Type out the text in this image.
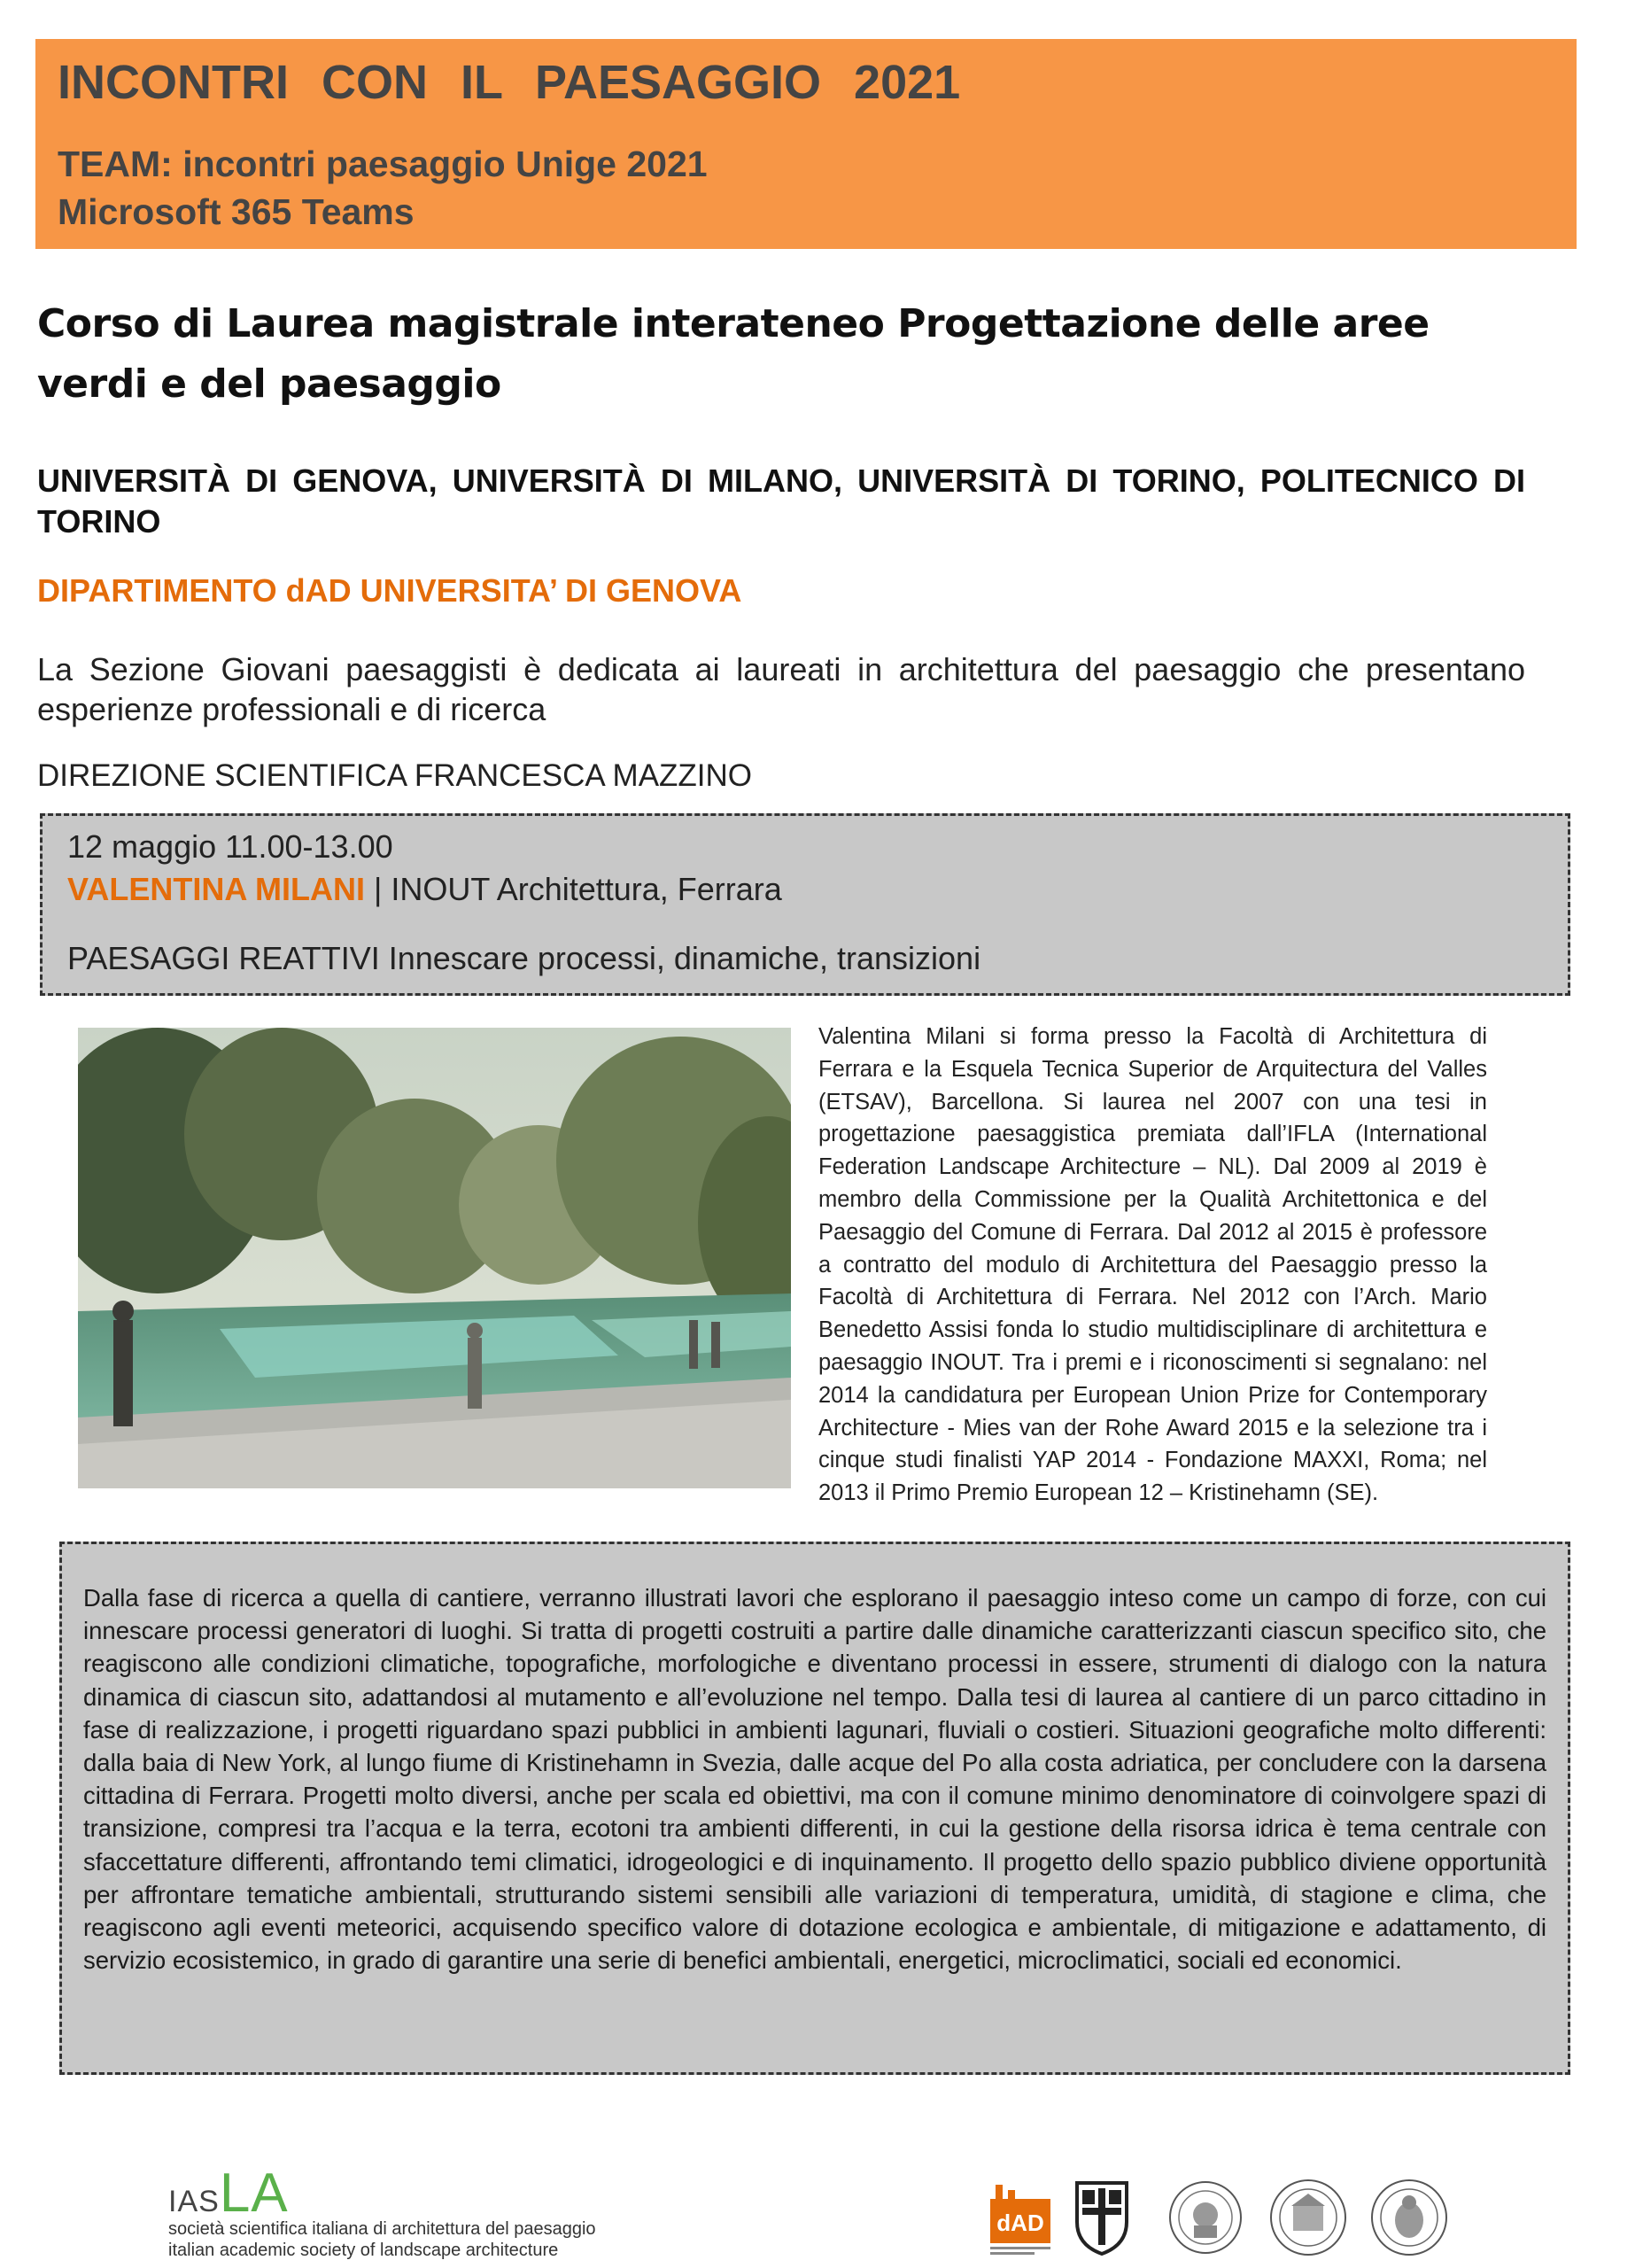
INCONTRI CON IL PAESAGGIO 2021
TEAM: incontri paesaggio Unige 2021
Microsoft 365 Teams
Corso di Laurea magistrale interateneo Progettazione delle aree verdi e del paesaggio
UNIVERSITÀ DI GENOVA, UNIVERSITÀ DI MILANO, UNIVERSITÀ DI TORINO, POLITECNICO DI TORINO
DIPARTIMENTO dAD UNIVERSITA’ DI GENOVA
La Sezione Giovani paesaggisti è dedicata ai laureati in architettura del paesaggio che presentano esperienze professionali e di ricerca
DIREZIONE SCIENTIFICA FRANCESCA MAZZINO
12 maggio 11.00-13.00
VALENTINA MILANI | INOUT Architettura, Ferrara
PAESAGGI REATTIVI Innescare processi, dinamiche, transizioni
Valentina Milani si forma presso la Facoltà di Architettura di Ferrara e la Esquela Tecnica Superior de Arquitectura del Valles (ETSAV), Barcellona. Si laurea nel 2007 con una tesi in progettazione paesaggistica premiata dall’IFLA (International Federation Landscape Architecture – NL). Dal 2009 al 2019 è membro della Commissione per la Qualità Architettonica e del Paesaggio del Comune di Ferrara. Dal 2012 al 2015 è professore a contratto del modulo di Architettura del Paesaggio presso la Facoltà di Architettura di Ferrara. Nel 2012 con l’Arch. Mario Benedetto Assisi fonda lo studio multidisciplinare di architettura e paesaggio INOUT. Tra i premi e i riconoscimenti si segnalano: nel 2014 la candidatura per European Union Prize for Contemporary Architecture - Mies van der Rohe Award 2015 e la selezione tra i cinque studi finalisti YAP 2014 - Fondazione MAXXI, Roma; nel 2013 il Primo Premio European 12 – Kristinehamn (SE).
Dalla fase di ricerca a quella di cantiere, verranno illustrati lavori che esplorano il paesaggio inteso come un campo di forze, con cui innescare processi generatori di luoghi. Si tratta di progetti costruiti a partire dalle dinamiche caratterizzanti ciascun specifico sito, che reagiscono alle condizioni climatiche, topografiche, morfologiche e diventano processi in essere, strumenti di dialogo con la natura dinamica di ciascun sito, adattandosi al mutamento e all’evoluzione nel tempo. Dalla tesi di laurea al cantiere di un parco cittadino in fase di realizzazione, i progetti riguardano spazi pubblici in ambienti lagunari, fluviali o costieri. Situazioni geografiche molto differenti: dalla baia di New York, al lungo fiume di Kristinehamn in Svezia, dalle acque del Po alla costa adriatica, per concludere con la darsena cittadina di Ferrara. Progetti molto diversi, anche per scala ed obiettivi, ma con il comune minimo denominatore di coinvolgere spazi di transizione, compresi tra l’acqua e la terra, ecotoni tra ambienti differenti, in cui la gestione della risorsa idrica è tema centrale con sfaccettature differenti, affrontando temi climatici, idrogeologici e di inquinamento. Il progetto dello spazio pubblico diviene opportunità per affrontare tematiche ambientali, strutturando sistemi sensibili alle variazioni di temperatura, umidità, di stagione e clima, che reagiscono agli eventi meteorici, acquisendo specifico valore di dotazione ecologica e ambientale, di mitigazione e adattamento, di servizio ecosistemico, in grado di garantire una serie di benefici ambientali, energetici, microclimatici, sociali ed economici.
IASLA
società scientifica italiana di architettura del paesaggio
italian academic society of landscape architecture
dAD
